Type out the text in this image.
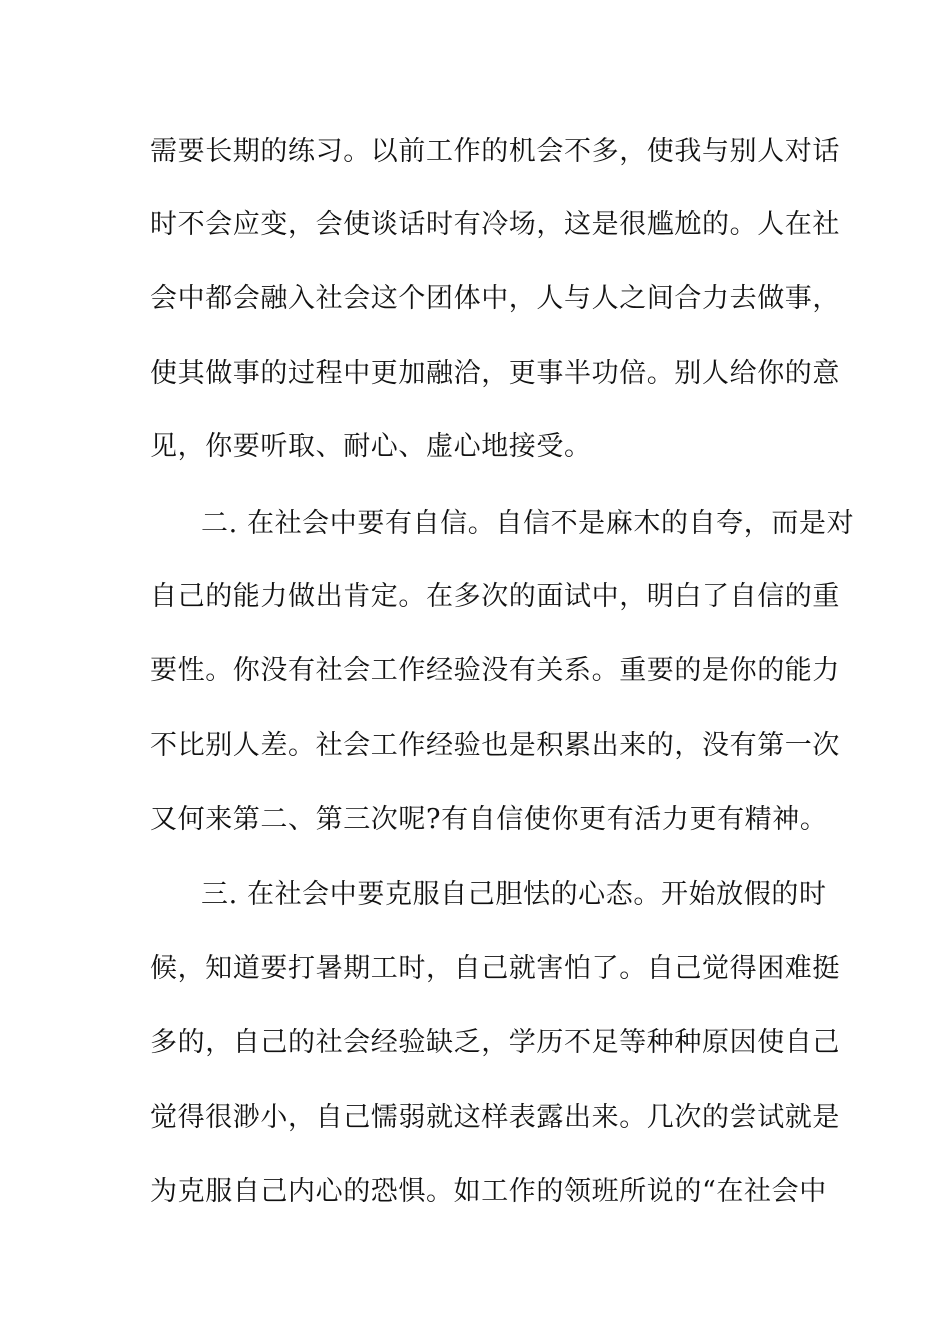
需要长期的练习。以前工作的机会不多，使我与别人对话
时不会应变，会使谈话时有冷场，这是很尴尬的。人在社
会中都会融入社会这个团体中，人与人之间合力去做事，
使其做事的过程中更加融洽，更事半功倍。别人给你的意
见，你要听取、耐心、虚心地接受。
二. 在社会中要有自信。自信不是麻木的自夸，而是对
自己的能力做出肯定。在多次的面试中，明白了自信的重
要性。你没有社会工作经验没有关系。重要的是你的能力
不比别人差。社会工作经验也是积累出来的，没有第一次
又何来第二、第三次呢?有自信使你更有活力更有精神。
三. 在社会中要克服自己胆怯的心态。开始放假的时
候，知道要打暑期工时，自己就害怕了。自己觉得困难挺
多的，自己的社会经验缺乏，学历不足等种种原因使自己
觉得很渺小，自己懦弱就这样表露出来。几次的尝试就是
为克服自己内心的恐惧。如工作的领班所说的“在社会中
